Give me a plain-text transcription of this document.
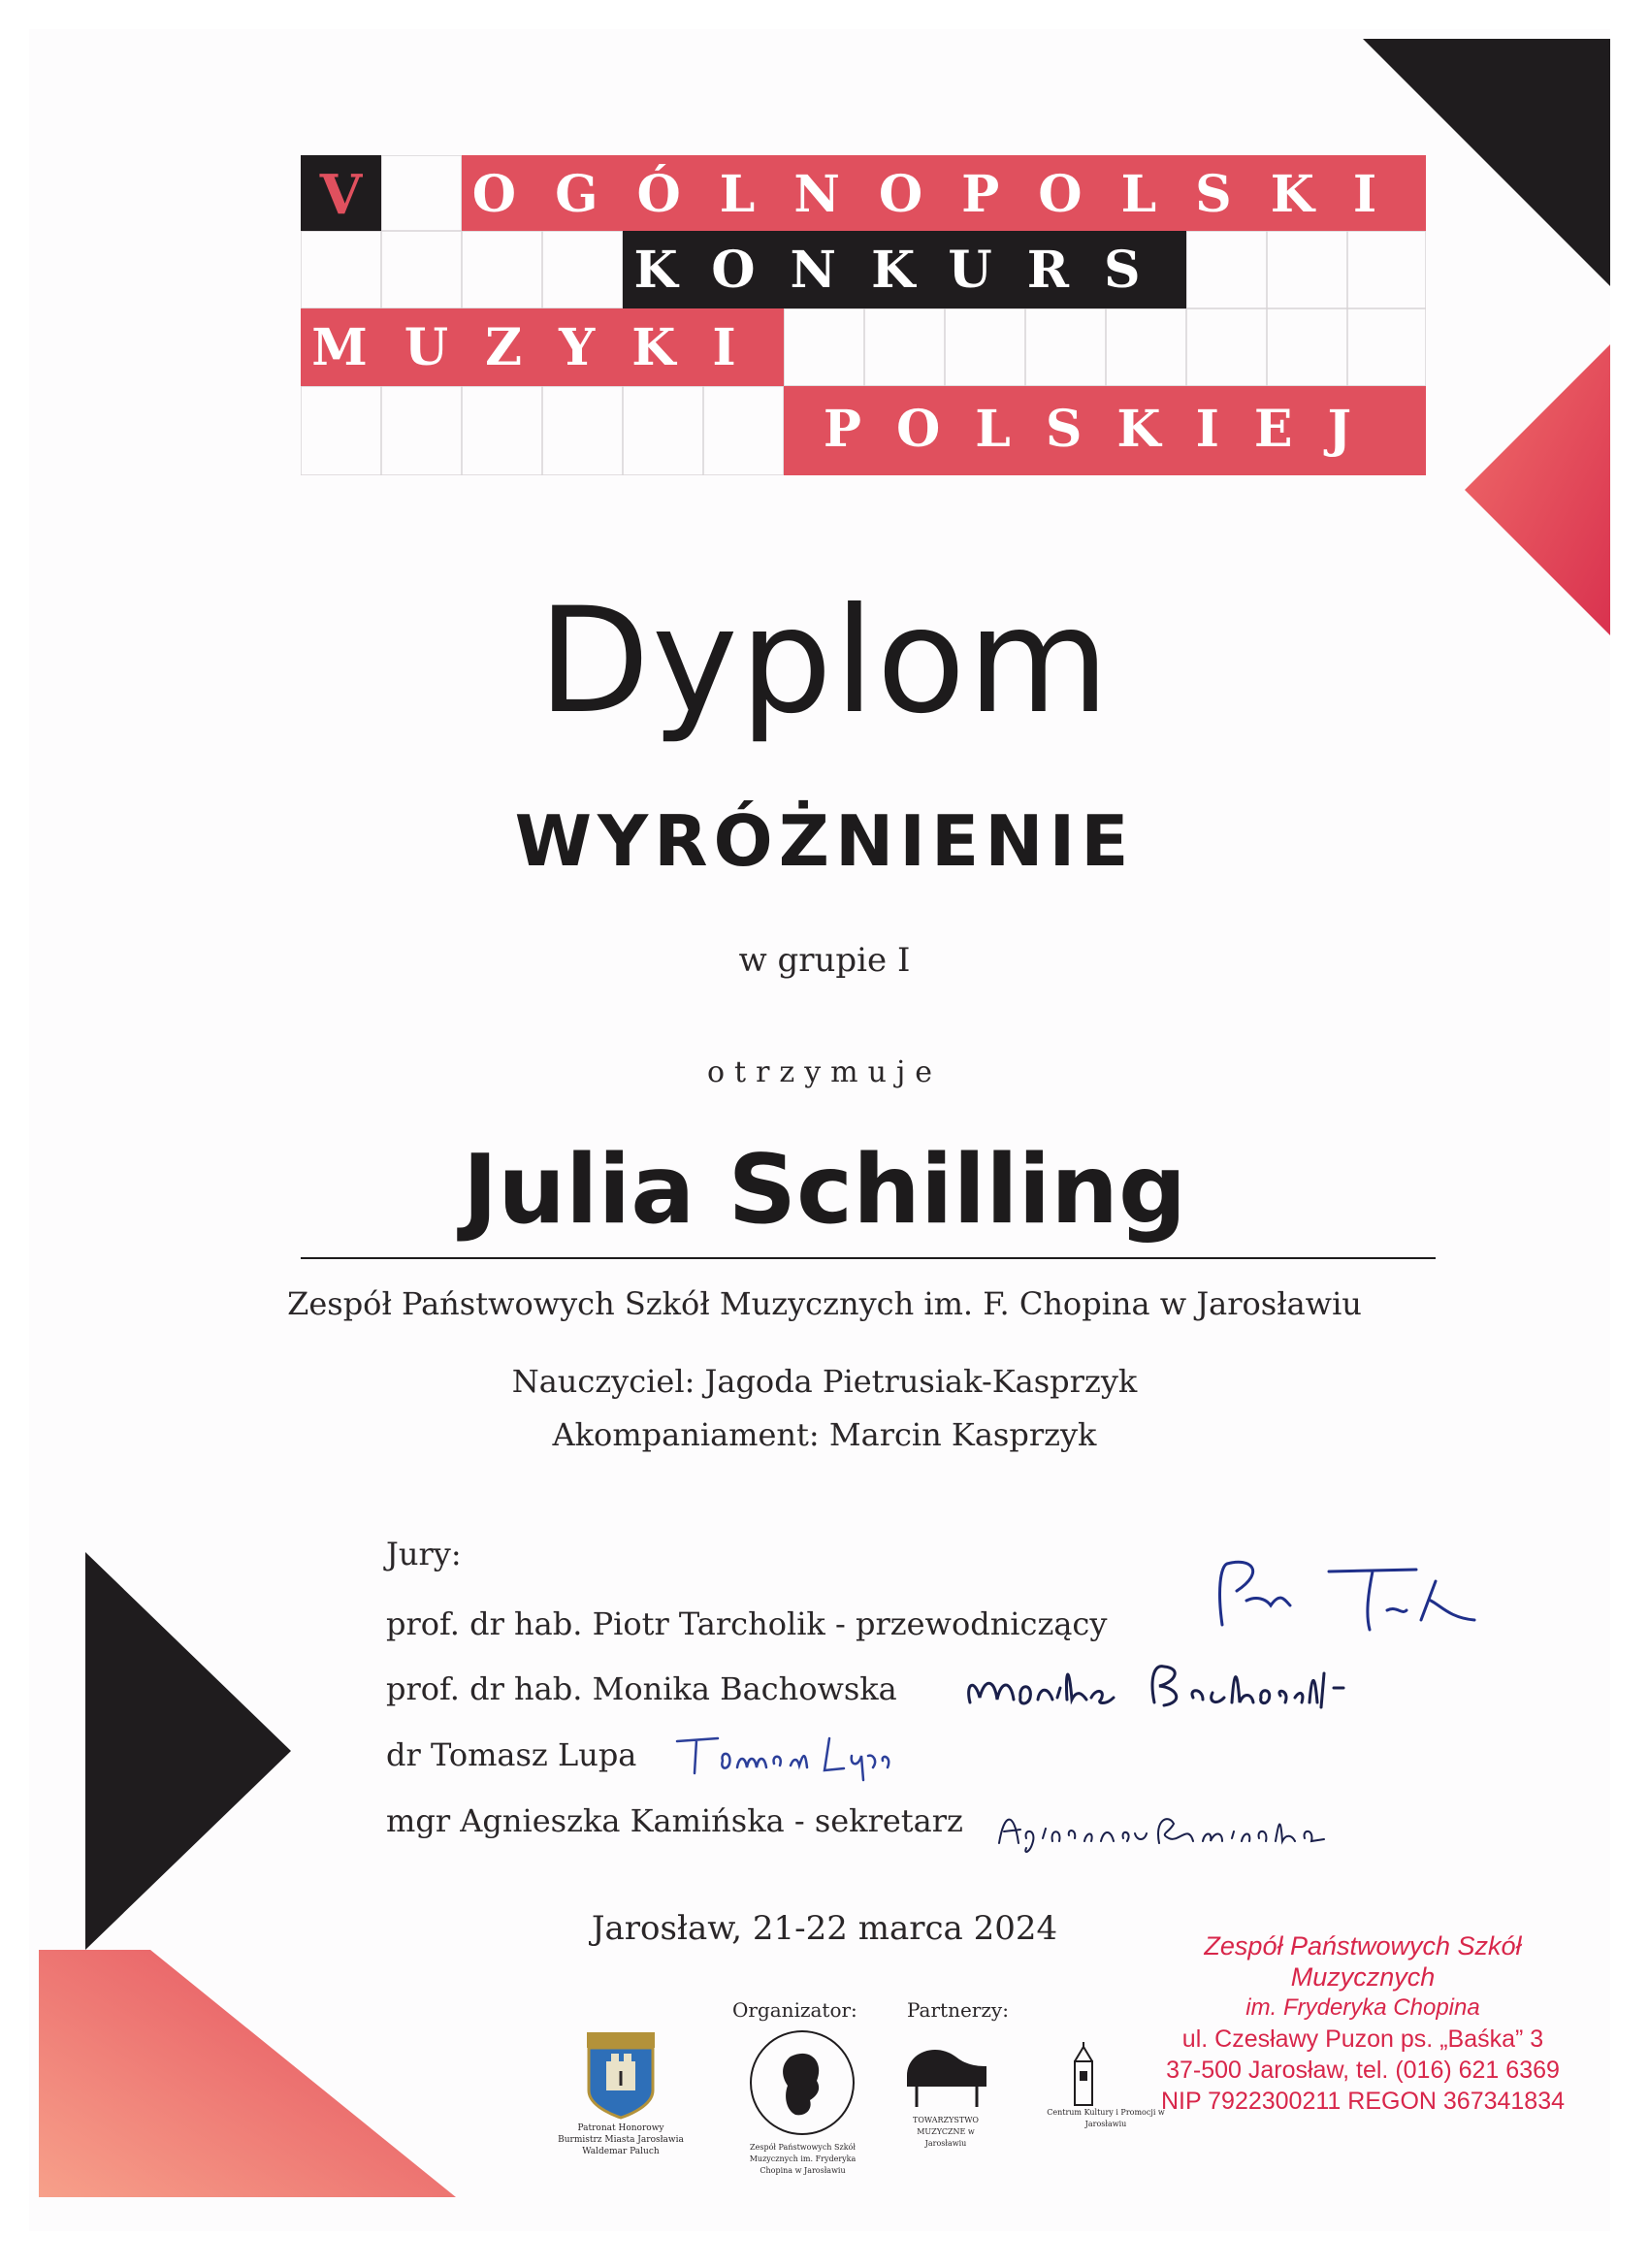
V	OGÓLNOPOLSKI
KONKURS
MUZYKI
POLSKIEJ
Dyplom
WYRÓŻNIENIE
w grupie I
otrzymuje
Julia Schilling
Zespół Państwowych Szkół Muzycznych im. F. Chopina w Jarosławiu
Nauczyciel: Jagoda Pietrusiak-Kasprzyk
Akompaniament: Marcin Kasprzyk
Jury:
prof. dr hab. Piotr Tarcholik - przewodniczący
prof. dr hab. Monika Bachowska
dr Tomasz Lupa
mgr Agnieszka Kamińska - sekretarz
Jarosław, 21-22 marca 2024	Zespół Państwowych Szkół Muzycznych
im. Fryderyka Chopina
ul. Czesławy Puzon ps. „Baśka” 3
37-500 Jarosław, tel. (016) 621 6369
NIP 7922300211 REGON 367341834
Organizator:	Partnerzy:
Patronat Honorowy
Burmistrz Miasta Jarosławia
Waldemar Paluch	Zespół Państwowych Szkół Muzycznych im. Fryderyka Chopina w Jarosławiu
TOWARZYSTWO MUZYCZNE w Jarosławiu
Centrum Kultury i Promocji w Jarosławiu
